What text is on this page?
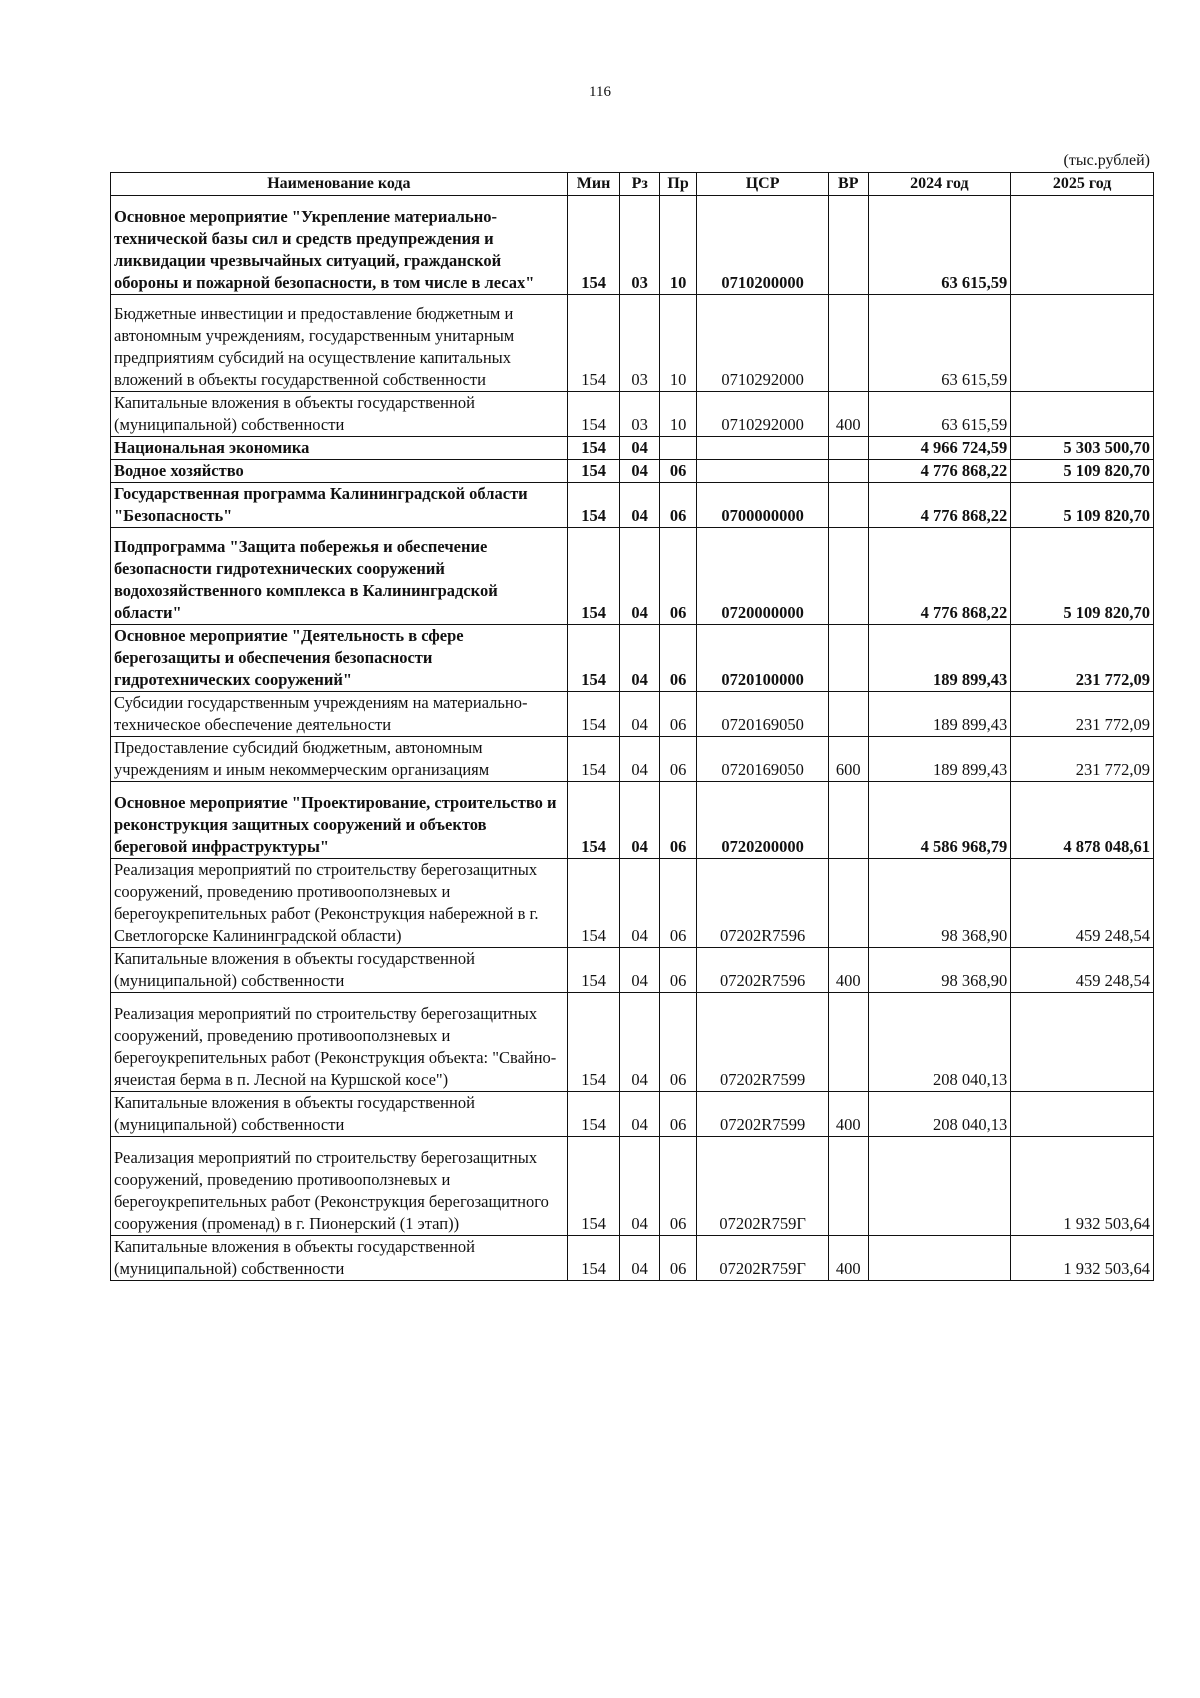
116
(тыс.рублей)
Наименование кода	Мин	Рз	Пр	ЦСР	ВР	2024 год	2025 год
Основное мероприятие "Укрепление материально-технической базы сил и средств предупреждения и ликвидации чрезвычайных ситуаций, гражданской обороны и пожарной безопасности, в том числе в лесах"	154	03	10	0710200000		63 615,59	
Бюджетные инвестиции и предоставление бюджетным и автономным учреждениям, государственным унитарным предприятиям субсидий на осуществление капитальных вложений в объекты государственной собственности	154	03	10	0710292000		63 615,59	
Капитальные вложения в объекты государственной (муниципальной) собственности	154	03	10	0710292000	400	63 615,59	
Национальная экономика	154	04				4 966 724,59	5 303 500,70
Водное хозяйство	154	04	06			4 776 868,22	5 109 820,70
Государственная программа Калининградской области "Безопасность"	154	04	06	0700000000		4 776 868,22	5 109 820,70
Подпрограмма "Защита побережья и обеспечение безопасности гидротехнических сооружений водохозяйственного комплекса в Калининградской области"	154	04	06	0720000000		4 776 868,22	5 109 820,70
Основное мероприятие "Деятельность в сфере берегозащиты и обеспечения безопасности гидротехнических сооружений"	154	04	06	0720100000		189 899,43	231 772,09
Субсидии государственным учреждениям на материально-техническое обеспечение деятельности	154	04	06	0720169050		189 899,43	231 772,09
Предоставление субсидий бюджетным, автономным учреждениям и иным некоммерческим организациям	154	04	06	0720169050	600	189 899,43	231 772,09
Основное мероприятие "Проектирование, строительство и реконструкция защитных сооружений и объектов береговой инфраструктуры"	154	04	06	0720200000		4 586 968,79	4 878 048,61
Реализация мероприятий по строительству берегозащитных сооружений, проведению противооползневых и берегоукрепительных работ (Реконструкция набережной в г. Светлогорске Калининградской области)	154	04	06	07202R7596		98 368,90	459 248,54
Капитальные вложения в объекты государственной (муниципальной) собственности	154	04	06	07202R7596	400	98 368,90	459 248,54
Реализация мероприятий по строительству берегозащитных сооружений, проведению противооползневых и берегоукрепительных работ (Реконструкция объекта: "Свайно-ячеистая берма в п. Лесной на Куршской косе")	154	04	06	07202R7599		208 040,13	
Капитальные вложения в объекты государственной (муниципальной) собственности	154	04	06	07202R7599	400	208 040,13	
Реализация мероприятий по строительству берегозащитных сооружений, проведению противооползневых и берегоукрепительных работ (Реконструкция берегозащитного сооружения (променад) в г. Пионерский (1 этап))	154	04	06	07202R759Г			1 932 503,64
Капитальные вложения в объекты государственной (муниципальной) собственности	154	04	06	07202R759Г	400		1 932 503,64
